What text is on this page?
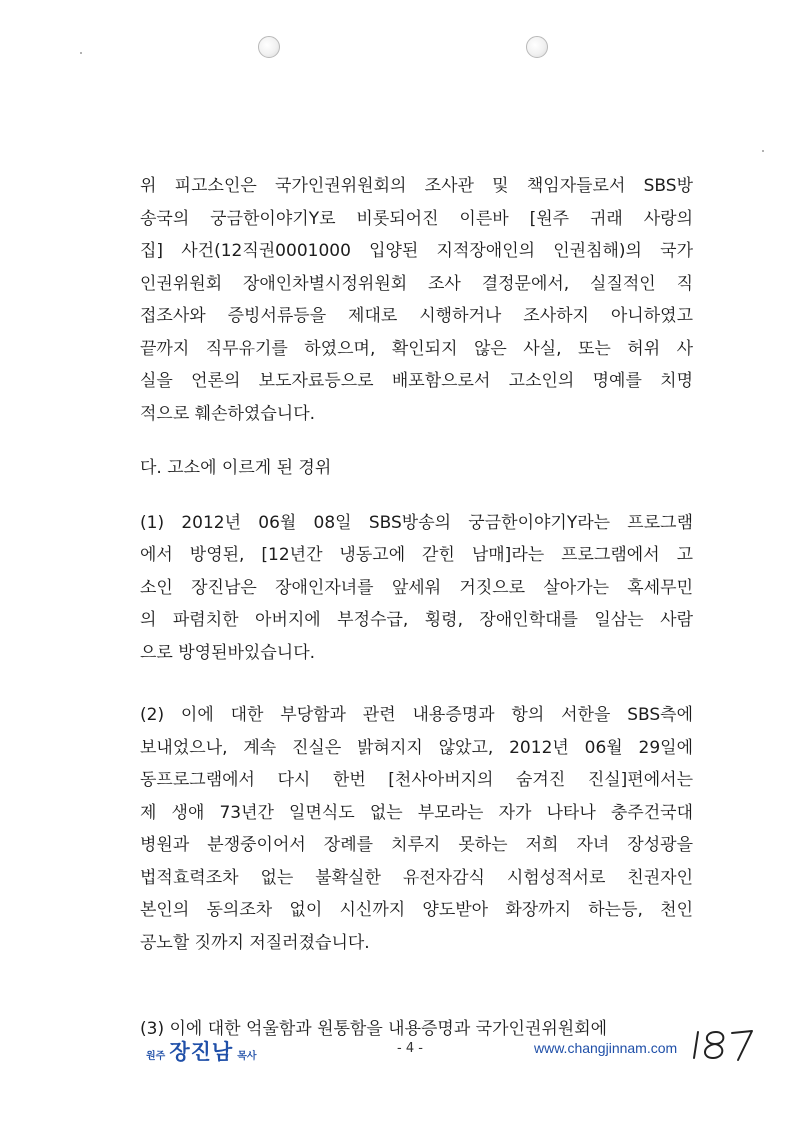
위 피고소인은 국가인권위원회의 조사관 및 책임자들로서 SBS방
송국의 궁금한이야기Y로 비롯되어진 이른바 [원주 귀래 사랑의
집] 사건(12직권0001000 입양된 지적장애인의 인권침해)의 국가
인권위원회 장애인차별시정위원회 조사 결정문에서, 실질적인 직
접조사와 증빙서류등을 제대로 시행하거나 조사하지 아니하였고
끝까지 직무유기를 하였으며, 확인되지 않은 사실, 또는 허위 사
실을 언론의 보도자료등으로 배포함으로서 고소인의 명예를 치명
적으로 훼손하였습니다.
다. 고소에 이르게 된 경위
(1) 2012년 06월 08일 SBS방송의 궁금한이야기Y라는 프로그램
에서 방영된, [12년간 냉동고에 갇힌 남매]라는 프로그램에서 고
소인 장진남은 장애인자녀를 앞세워 거짓으로 살아가는 혹세무민
의 파렴치한 아버지에 부정수급, 횡령, 장애인학대를 일삼는 사람
으로 방영된바있습니다.
(2) 이에 대한 부당함과 관련 내용증명과 항의 서한을 SBS측에
보내었으나, 계속 진실은 밝혀지지 않았고, 2012년 06월 29일에
동프로그램에서 다시 한번 [천사아버지의 숨겨진 진실]편에서는
제 생애 73년간 일면식도 없는 부모라는 자가 나타나 충주건국대
병원과 분쟁중이어서 장례를 치루지 못하는 저희 자녀 장성광을
법적효력조차 없는 불확실한 유전자감식 시험성적서로 친권자인
본인의 동의조차 없이 시신까지 양도받아 화장까지 하는등, 천인
공노할 짓까지 저질러졌습니다.
(3) 이에 대한 억울함과 원통함을 내용증명과 국가인권위원회에
원주 장진남 목사
- 4 -	www.changjinnam.com
